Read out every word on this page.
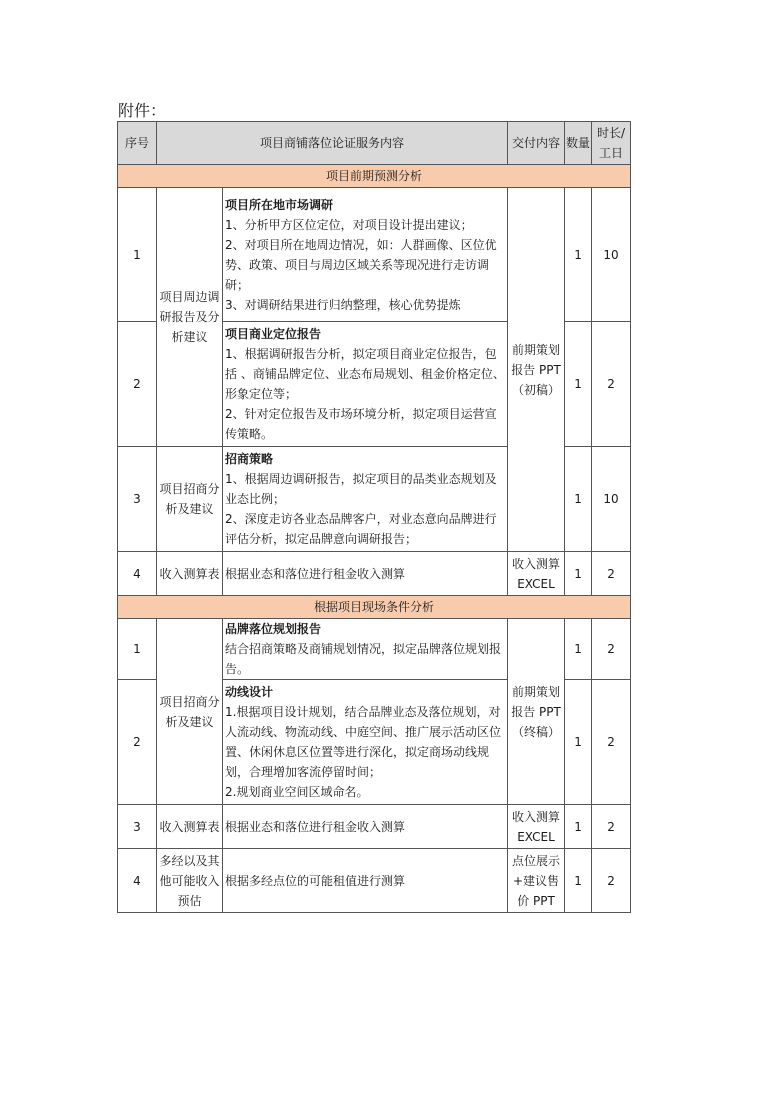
附件：
序号	项目商铺落位论证服务内容		交付内容	数量	时长/工日
项目前期预测分析					
1	项目周边调研报告及分析建议	项目所在地市场调研
1、分析甲方区位定位，对项目设计提出建议；
2、对项目所在地周边情况，如：人群画像、区位优势、政策、项目与周边区域关系等现况进行走访调研；
3、对调研结果进行归纳整理，核心优势提炼	前期策划报告 PPT（初稿）	1	10
2		项目商业定位报告
1、根据调研报告分析，拟定项目商业定位报告，包括 、商铺品牌定位、业态布局规划、租金价格定位、形象定位等；
2、针对定位报告及市场环境分析，拟定项目运营宣传策略。		1	2
3	项目招商分析及建议	招商策略
1、根据周边调研报告，拟定项目的品类业态规划及业态比例；
2、深度走访各业态品牌客户，对业态意向品牌进行评估分析，拟定品牌意向调研报告；		1	10
4	收入测算表	根据业态和落位进行租金收入测算	收入测算 EXCEL	1	2
根据项目现场条件分析					
1	项目招商分析及建议	品牌落位规划报告
结合招商策略及商铺规划情况，拟定品牌落位规划报告。	前期策划报告 PPT（终稿）	1	2
2		动线设计
1.根据项目设计规划，结合品牌业态及落位规划，对人流动线、物流动线、中庭空间、推广展示活动区位置、休闲休息区位置等进行深化，拟定商场动线规划，合理增加客流停留时间；
2.规划商业空间区域命名。		1	2
3	收入测算表	根据业态和落位进行租金收入测算	收入测算 EXCEL	1	2
4	多经以及其他可能收入预估	根据多经点位的可能租值进行测算	点位展示+建议售价 PPT	1	2
